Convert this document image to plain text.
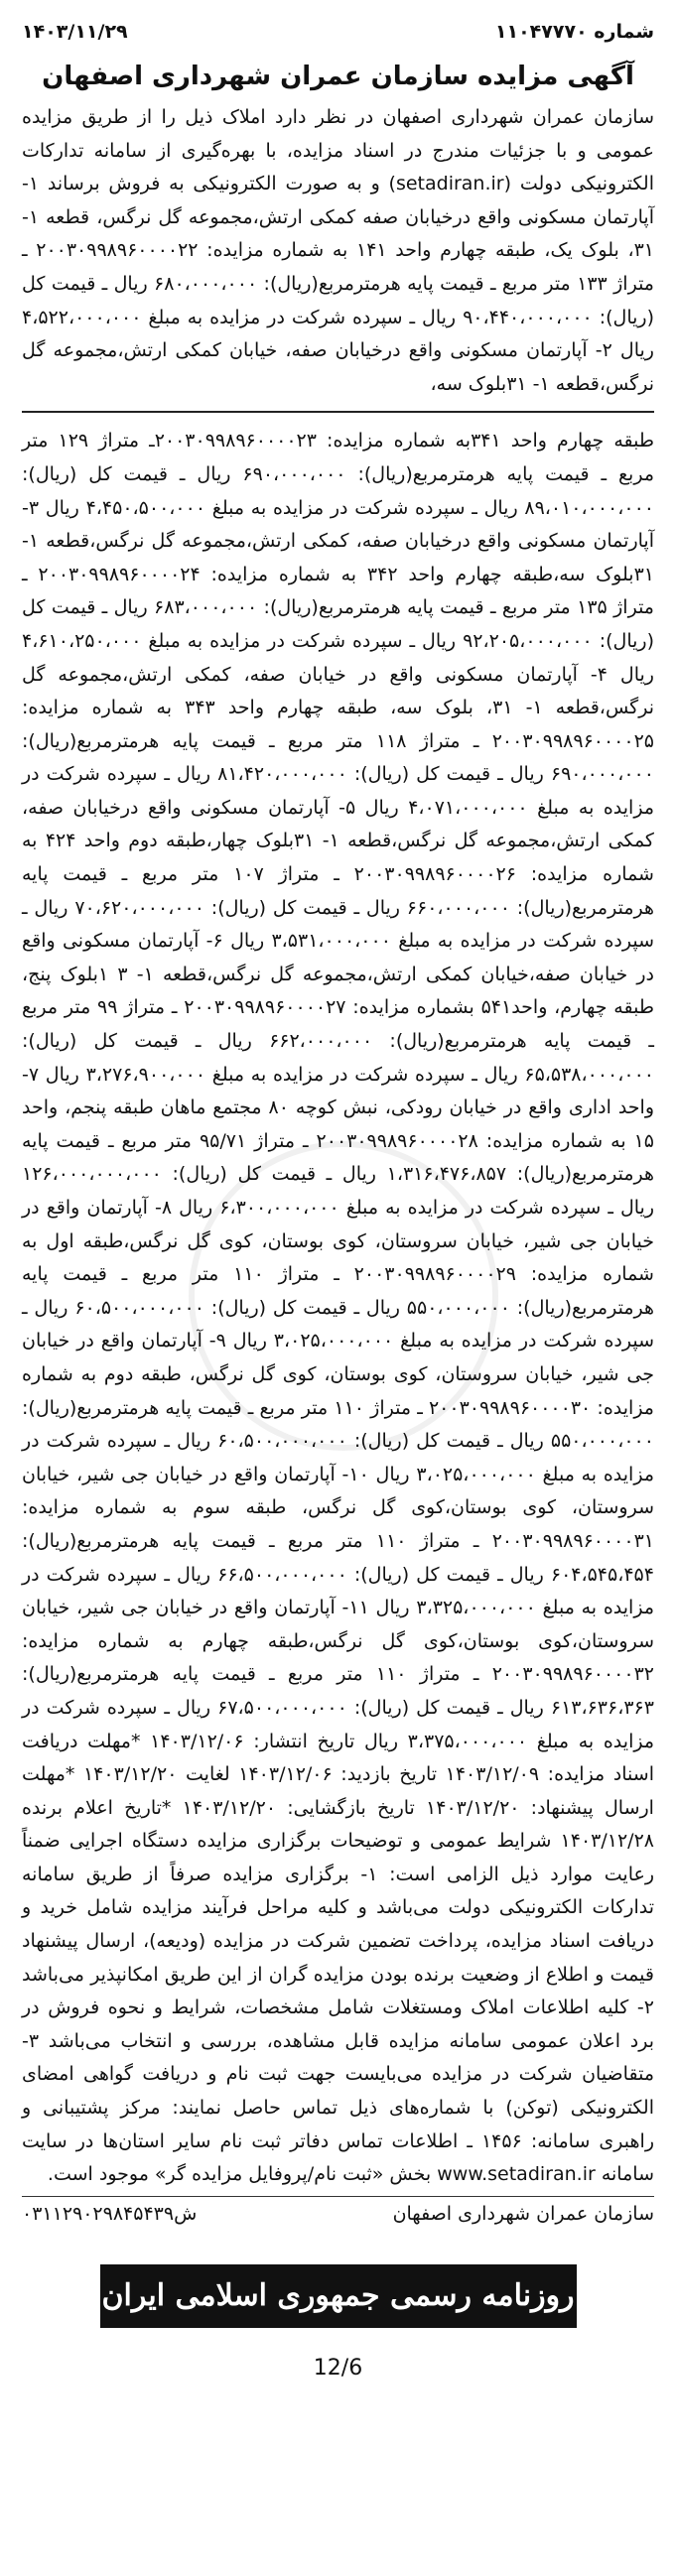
شماره ۱۱۰۴۷۷۷۰
۱۴۰۳/۱۱/۲۹
آگهی مزایده سازمان عمران شهرداری اصفهان

سازمان عمران شهرداری اصفهان در نظر دارد املاک ذیل را از طریق مزایده عمومی و با جزئیات مندرج در اسناد مزایده، با بهره‌گیری از سامانه تدارکات الکترونیکی دولت (setadiran.ir) و به صورت الکترونیکی به فروش برساند ۱- آپارتمان مسکونی واقع درخیابان صفه کمکی ارتش،مجموعه گل نرگس، قطعه ۱- ۳۱، بلوک یک، طبقه چهارم واحد ۱۴۱ به شماره مزایده: ۲۰۰۳۰۹۹۸۹۶۰۰۰۰۲۲ ـ متراژ ۱۳۳ متر مربع ـ قیمت پایه هرمترمربع(ریال): ۶۸۰،۰۰۰،۰۰۰ ریال ـ قیمت کل (ریال): ۹۰،۴۴۰،۰۰۰،۰۰۰ ریال ـ سپرده شرکت در مزایده به مبلغ ۴،۵۲۲،۰۰۰،۰۰۰ ریال ۲- آپارتمان مسکونی واقع درخیابان صفه، خیابان کمکی ارتش،مجموعه گل نرگس،قطعه ۱- ۳۱بلوک سه،

طبقه چهارم واحد ۳۴۱به شماره مزایده: ۲۰۰۳۰۹۹۸۹۶۰۰۰۰۲۳ـ متراژ ۱۲۹ متر مربع ـ قیمت پایه هرمترمربع(ریال): ۶۹۰،۰۰۰،۰۰۰ ریال ـ قیمت کل (ریال): ۸۹،۰۱۰،۰۰۰،۰۰۰ ریال ـ سپرده شرکت در مزایده به مبلغ ۴،۴۵۰،۵۰۰،۰۰۰ ریال ۳- آپارتمان مسکونی واقع درخیابان صفه، کمکی ارتش،مجموعه گل نرگس،قطعه ۱- ۳۱بلوک سه،طبقه چهارم واحد ۳۴۲ به شماره مزایده: ۲۰۰۳۰۹۹۸۹۶۰۰۰۰۲۴ ـ متراژ ۱۳۵ متر مربع ـ قیمت پایه هرمترمربع(ریال): ۶۸۳،۰۰۰،۰۰۰ ریال ـ قیمت کل (ریال): ۹۲،۲۰۵،۰۰۰،۰۰۰ ریال ـ سپرده شرکت در مزایده به مبلغ ۴،۶۱۰،۲۵۰،۰۰۰ ریال ۴- آپارتمان مسکونی واقع در خیابان صفه، کمکی ارتش،مجموعه گل نرگس،قطعه ۱- ۳۱، بلوک سه، طبقه چهارم واحد ۳۴۳ به شماره مزایده: ۲۰۰۳۰۹۹۸۹۶۰۰۰۰۲۵ ـ متراژ ۱۱۸ متر مربع ـ قیمت پایه هرمترمربع(ریال): ۶۹۰،۰۰۰،۰۰۰ ریال ـ قیمت کل (ریال): ۸۱،۴۲۰،۰۰۰،۰۰۰ ریال ـ سپرده شرکت در مزایده به مبلغ ۴،۰۷۱،۰۰۰،۰۰۰ ریال ۵- آپارتمان مسکونی واقع درخیابان صفه، کمکی ارتش،مجموعه گل نرگس،قطعه ۱- ۳۱بلوک چهار،طبقه دوم واحد ۴۲۴ به شماره مزایده: ۲۰۰۳۰۹۹۸۹۶۰۰۰۰۲۶ ـ متراژ ۱۰۷ متر مربع ـ قیمت پایه هرمترمربع(ریال): ۶۶۰،۰۰۰،۰۰۰ ریال ـ قیمت کل (ریال): ۷۰،۶۲۰،۰۰۰،۰۰۰ ریال ـ سپرده شرکت در مزایده به مبلغ ۳،۵۳۱،۰۰۰،۰۰۰ ریال ۶- آپارتمان مسکونی واقع در خیابان صفه،خیابان کمکی ارتش،مجموعه گل نرگس،قطعه ۱- ۳ ۱بلوک پنج، طبقه چهارم، واحد۵۴۱ بشماره مزایده: ۲۰۰۳۰۹۹۸۹۶۰۰۰۰۲۷ ـ متراژ ۹۹ متر مربع ـ قیمت پایه هرمترمربع(ریال): ۶۶۲،۰۰۰،۰۰۰ ریال ـ قیمت کل (ریال): ۶۵،۵۳۸،۰۰۰،۰۰۰ ریال ـ سپرده شرکت در مزایده به مبلغ ۳،۲۷۶،۹۰۰،۰۰۰ ریال ۷- واحد اداری واقع در خیابان رودکی، نبش کوچه ۸۰ مجتمع ماهان طبقه پنجم، واحد ۱۵ به شماره مزایده: ۲۰۰۳۰۹۹۸۹۶۰۰۰۰۲۸ ـ متراژ ۹۵/۷۱ متر مربع ـ قیمت پایه هرمترمربع(ریال): ۱،۳۱۶،۴۷۶،۸۵۷ ریال ـ قیمت کل (ریال): ۱۲۶،۰۰۰،۰۰۰،۰۰۰ ریال ـ سپرده شرکت در مزایده به مبلغ ۶،۳۰۰،۰۰۰،۰۰۰ ریال ۸- آپارتمان واقع در خیابان جی شیر، خیابان سروستان، کوی بوستان، کوی گل نرگس،طبقه اول به شماره مزایده: ۲۰۰۳۰۹۹۸۹۶۰۰۰۰۲۹ ـ متراژ ۱۱۰ متر مربع ـ قیمت پایه هرمترمربع(ریال): ۵۵۰،۰۰۰،۰۰۰ ریال ـ قیمت کل (ریال): ۶۰،۵۰۰،۰۰۰،۰۰۰ ریال ـ سپرده شرکت در مزایده به مبلغ ۳،۰۲۵،۰۰۰،۰۰۰ ریال ۹- آپارتمان واقع در خیابان جی شیر، خیابان سروستان، کوی بوستان، کوی گل نرگس، طبقه دوم به شماره مزایده: ۲۰۰۳۰۹۹۸۹۶۰۰۰۰۳۰ ـ متراژ ۱۱۰ متر مربع ـ قیمت پایه هرمترمربع(ریال): ۵۵۰،۰۰۰،۰۰۰ ریال ـ قیمت کل (ریال): ۶۰،۵۰۰،۰۰۰،۰۰۰ ریال ـ سپرده شرکت در مزایده به مبلغ ۳،۰۲۵،۰۰۰،۰۰۰ ریال ۱۰- آپارتمان واقع در خیابان جی شیر، خیابان سروستان، کوی بوستان،کوی گل نرگس، طبقه سوم به شماره مزایده: ۲۰۰۳۰۹۹۸۹۶۰۰۰۰۳۱ ـ متراژ ۱۱۰ متر مربع ـ قیمت پایه هرمترمربع(ریال): ۶۰۴،۵۴۵،۴۵۴ ریال ـ قیمت کل (ریال): ۶۶،۵۰۰،۰۰۰،۰۰۰ ریال ـ سپرده شرکت در مزایده به مبلغ ۳،۳۲۵،۰۰۰،۰۰۰ ریال ۱۱- آپارتمان واقع در خیابان جی شیر، خیابان سروستان،کوی بوستان،کوی گل نرگس،طبقه چهارم به شماره مزایده: ۲۰۰۳۰۹۹۸۹۶۰۰۰۰۳۲ ـ متراژ ۱۱۰ متر مربع ـ قیمت پایه هرمترمربع(ریال): ۶۱۳،۶۳۶،۳۶۳ ریال ـ قیمت کل (ریال): ۶۷،۵۰۰،۰۰۰،۰۰۰ ریال ـ سپرده شرکت در مزایده به مبلغ ۳،۳۷۵،۰۰۰،۰۰۰ ریال تاریخ انتشار: ۱۴۰۳/۱۲/۰۶ *مهلت دریافت اسناد مزایده: ۱۴۰۳/۱۲/۰۹ تاریخ بازدید: ۱۴۰۳/۱۲/۰۶ لغایت ۱۴۰۳/۱۲/۲۰ *مهلت ارسال پیشنهاد: ۱۴۰۳/۱۲/۲۰ تاریخ بازگشایی: ۱۴۰۳/۱۲/۲۰ *تاریخ اعلام برنده ۱۴۰۳/۱۲/۲۸ شرایط عمومی و توضیحات برگزاری مزایده دستگاه اجرایی ضمناً رعایت موارد ذیل الزامی است: ۱- برگزاری مزایده صرفاً از طریق سامانه تدارکات الکترونیکی دولت می‌باشد و کلیه مراحل فرآیند مزایده شامل خرید و دریافت اسناد مزایده، پرداخت تضمین شرکت در مزایده (ودیعه)، ارسال پیشنهاد قیمت و اطلاع از وضعیت برنده بودن مزایده گران از این طریق امکانپذیر می‌باشد ۲- کلیه اطلاعات املاک ومستغلات شامل مشخصات، شرایط و نحوه فروش در برد اعلان عمومی سامانه مزایده قابل مشاهده، بررسی و انتخاب می‌باشد ۳- متقاضیان شرکت در مزایده می‌بایست جهت ثبت نام و دریافت گواهی امضای الکترونیکی (توکن) با شماره‌های ذیل تماس حاصل نمایند: مرکز پشتیبانی و راهبری سامانه: ۱۴۵۶ ـ اطلاعات تماس دفاتر ثبت نام سایر استان‌ها در سایت سامانه www.setadiran.ir بخش «ثبت نام/پروفایل مزایده گر» موجود است.

سازمان عمران شهرداری اصفهان
ش۰۳۱۱۲۹۰۲۹۸۴۵۴۳۹
روزنامه رسمی جمهوری اسلامی ایران
12/6
